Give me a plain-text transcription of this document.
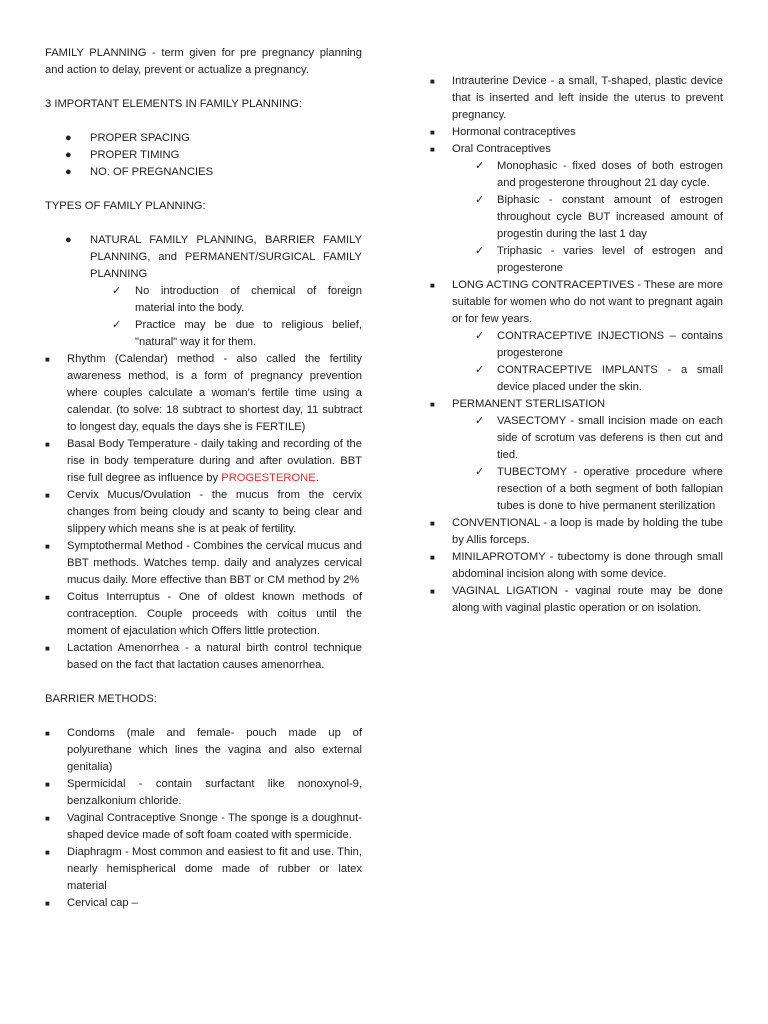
FAMILY PLANNING - term given for pre pregnancy planning and action to delay, prevent or actualize a pregnancy.

3 IMPORTANT ELEMENTS IN FAMILY PLANNING:

● PROPER SPACING
● PROPER TIMING
● NO. OF PREGNANCIES

TYPES OF FAMILY PLANNING:

● NATURAL FAMILY PLANNING, BARRIER FAMILY PLANNING, and PERMANENT/SURGICAL FAMILY PLANNING
✓ No introduction of chemical of foreign material into the body.
✓ Practice may be due to religious belief, "natural" way it for them.
■ Rhythm (Calendar) method - also called the fertility awareness method, is a form of pregnancy prevention where couples calculate a woman's fertile time using a calendar. (to solve: 18 subtract to shortest day, 11 subtract to longest day, equals the days she is FERTILE)
■ Basal Body Temperature - daily taking and recording of the rise in body temperature during and after ovulation. BBT rise full degree as influence by PROGESTERONE.
■ Cervix Mucus/Ovulation - the mucus from the cervix changes from being cloudy and scanty to being clear and slippery which means she is at peak of fertility.
■ Symptothermal Method - Combines the cervical mucus and BBT methods. Watches temp. daily and analyzes cervical mucus daily. More effective than BBT or CM method by 2%
■ Coitus Interruptus - One of oldest known methods of contraception. Couple proceeds with coitus until the moment of ejaculation which Offers little protection.
■ Lactation Amenorrhea - a natural birth control technique based on the fact that lactation causes amenorrhea.

BARRIER METHODS:

■ Condoms (male and female- pouch made up of polyurethane which lines the vagina and also external genitalia)
■ Spermicidal - contain surfactant like nonoxynol-9, benzalkonium chloride.
■ Vaginal Contraceptive Snonge - The sponge is a doughnut-shaped device made of soft foam coated with spermicide.
■ Diaphragm - Most common and easiest to fit and use. Thin, nearly hemispherical dome made of rubber or latex material
■ Cervical cap –
■ Intrauterine Device - a small, T-shaped, plastic device that is inserted and left inside the uterus to prevent pregnancy.
■ Hormonal contraceptives
■ Oral Contraceptives
✓ Monophasic - fixed doses of both estrogen and progesterone throughout 21 day cycle.
✓ Biphasic - constant amount of estrogen throughout cycle BUT increased amount of progestin during the last 1 day
✓ Triphasic - varies level of estrogen and progesterone
■ LONG ACTING CONTRACEPTIVES - These are more suitable for women who do not want to pregnant again or for few years.
✓ CONTRACEPTIVE INJECTIONS – contains progesterone
✓ CONTRACEPTIVE IMPLANTS - a small device placed under the skin.
■ PERMANENT STERLISATION
✓ VASECTOMY - small incision made on each side of scrotum vas deferens is then cut and tied.
✓ TUBECTOMY - operative procedure where resection of a both segment of both fallopian tubes is done to hive permanent sterilization
■ CONVENTIONAL - a loop is made by holding the tube by Allis forceps.
■ MINILAPROTOMY - tubectomy is done through small abdominal incision along with some device.
■ VAGINAL LIGATION - vaginal route may be done along with vaginal plastic operation or on isolation.
